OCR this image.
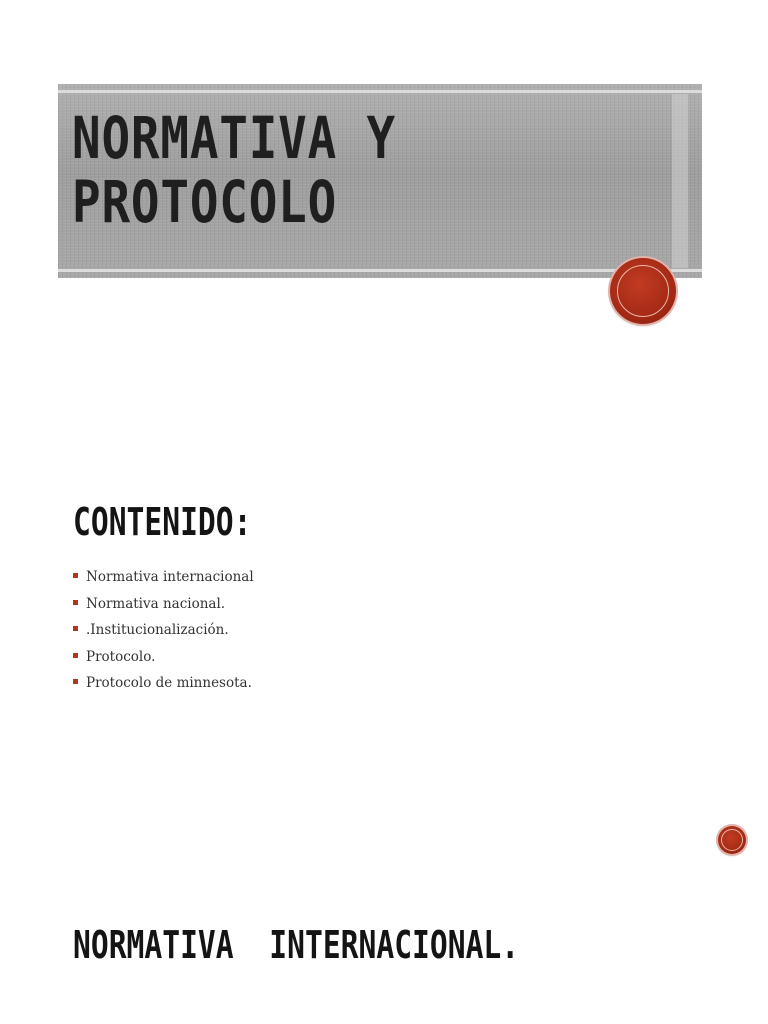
NORMATIVA Y
PROTOCOLO
CONTENIDO:
Normativa internacional
Normativa nacional.
.Institucionalización.
Protocolo.
Protocolo de minnesota.
NORMATIVA  INTERNACIONAL.
